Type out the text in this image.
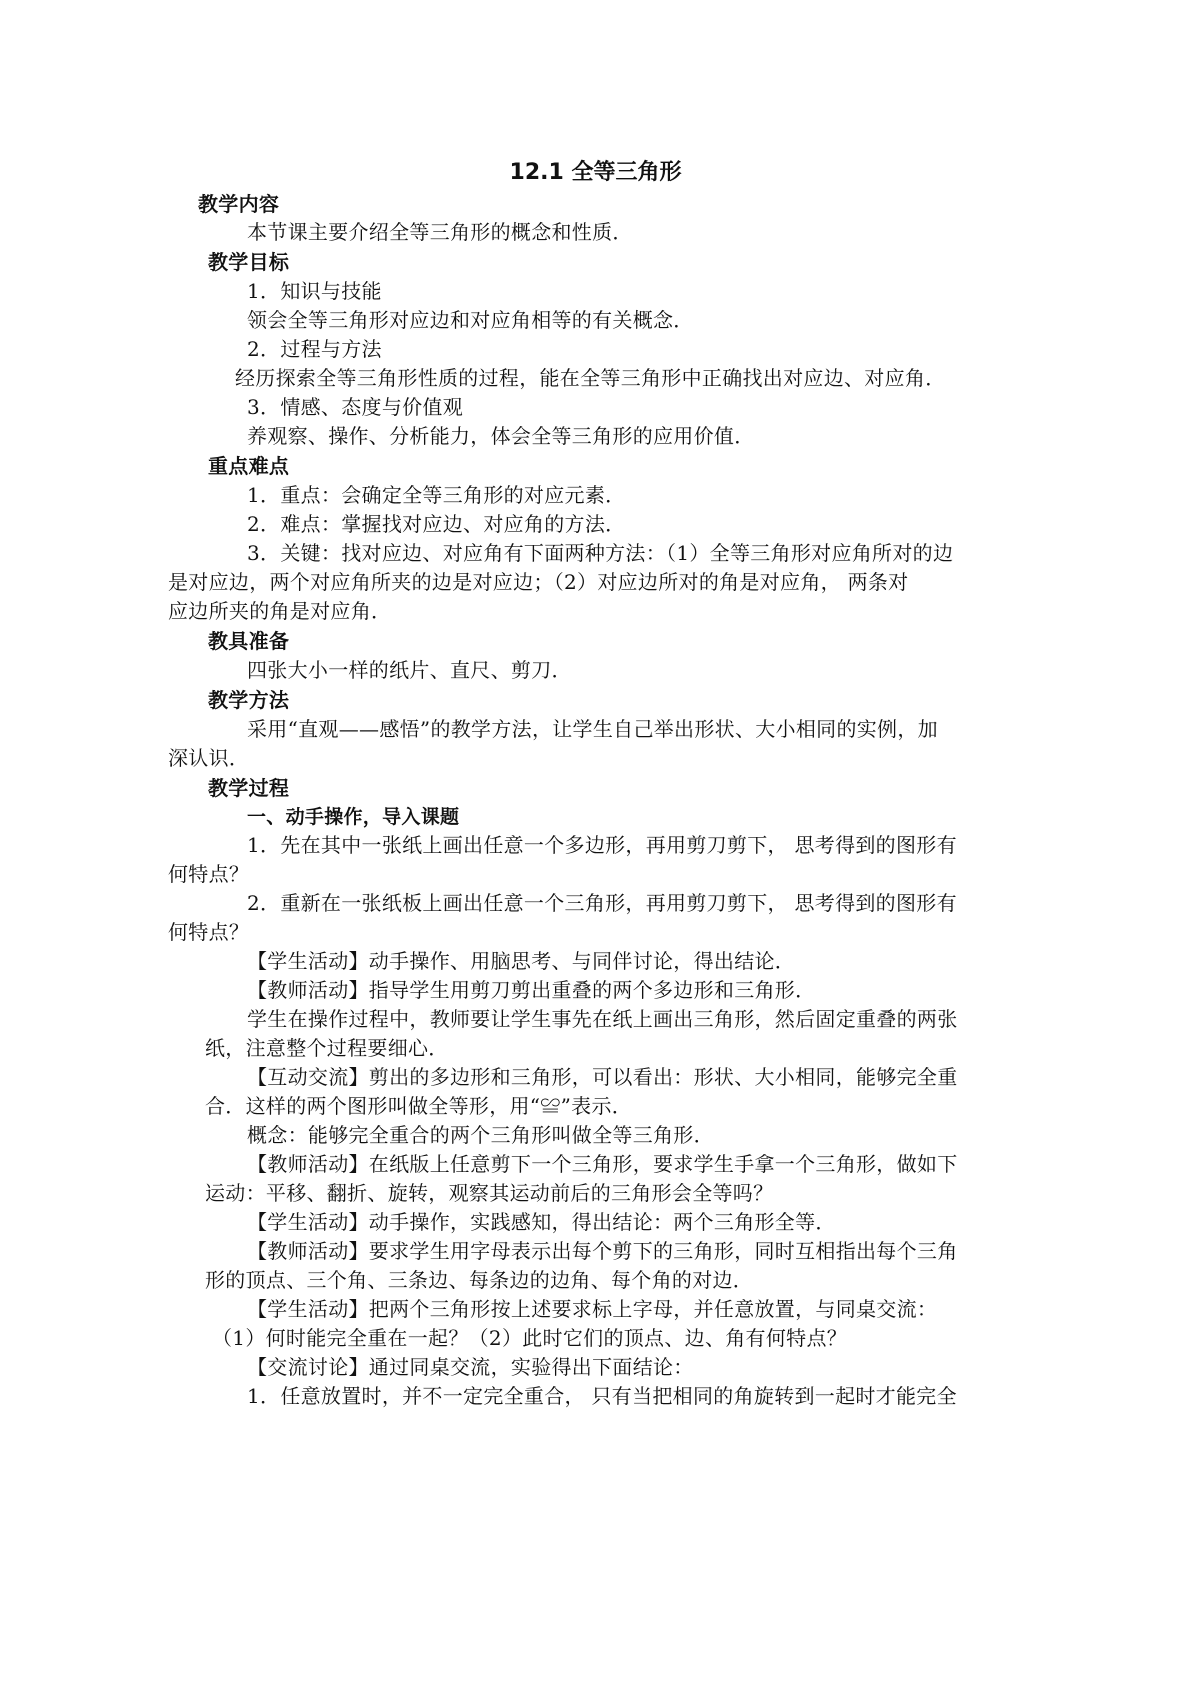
12.1 全等三角形
教学内容
本节课主要介绍全等三角形的概念和性质．
教学目标
1．知识与技能
领会全等三角形对应边和对应角相等的有关概念．
2．过程与方法
经历探索全等三角形性质的过程，能在全等三角形中正确找出对应边、对应角．
3．情感、态度与价值观
养观察、操作、分析能力，体会全等三角形的应用价值．
重点难点
1．重点：会确定全等三角形的对应元素．
2．难点：掌握找对应边、对应角的方法．
3．关键：找对应边、对应角有下面两种方法：（1）全等三角形对应角所对的边
是对应边，两个对应角所夹的边是对应边；（2）对应边所对的角是对应角， 两条对
应边所夹的角是对应角．
教具准备
四张大小一样的纸片、直尺、剪刀．
教学方法
采用“直观——感悟”的教学方法，让学生自己举出形状、大小相同的实例，加
深认识．
教学过程
一、动手操作，导入课题
1．先在其中一张纸上画出任意一个多边形，再用剪刀剪下， 思考得到的图形有
何特点？
2．重新在一张纸板上画出任意一个三角形，再用剪刀剪下， 思考得到的图形有
何特点？
【学生活动】动手操作、用脑思考、与同伴讨论，得出结论．
【教师活动】指导学生用剪刀剪出重叠的两个多边形和三角形．
学生在操作过程中，教师要让学生事先在纸上画出三角形，然后固定重叠的两张
纸，注意整个过程要细心．
【互动交流】剪出的多边形和三角形，可以看出：形状、大小相同，能够完全重
合．这样的两个图形叫做全等形，用“≌”表示．
概念：能够完全重合的两个三角形叫做全等三角形．
【教师活动】在纸版上任意剪下一个三角形，要求学生手拿一个三角形，做如下
运动：平移、翻折、旋转，观察其运动前后的三角形会全等吗？
【学生活动】动手操作，实践感知，得出结论：两个三角形全等．
【教师活动】要求学生用字母表示出每个剪下的三角形，同时互相指出每个三角
形的顶点、三个角、三条边、每条边的边角、每个角的对边．
【学生活动】把两个三角形按上述要求标上字母，并任意放置，与同桌交流：
（1）何时能完全重在一起？（2）此时它们的顶点、边、角有何特点？
【交流讨论】通过同桌交流，实验得出下面结论：
1．任意放置时，并不一定完全重合， 只有当把相同的角旋转到一起时才能完全
